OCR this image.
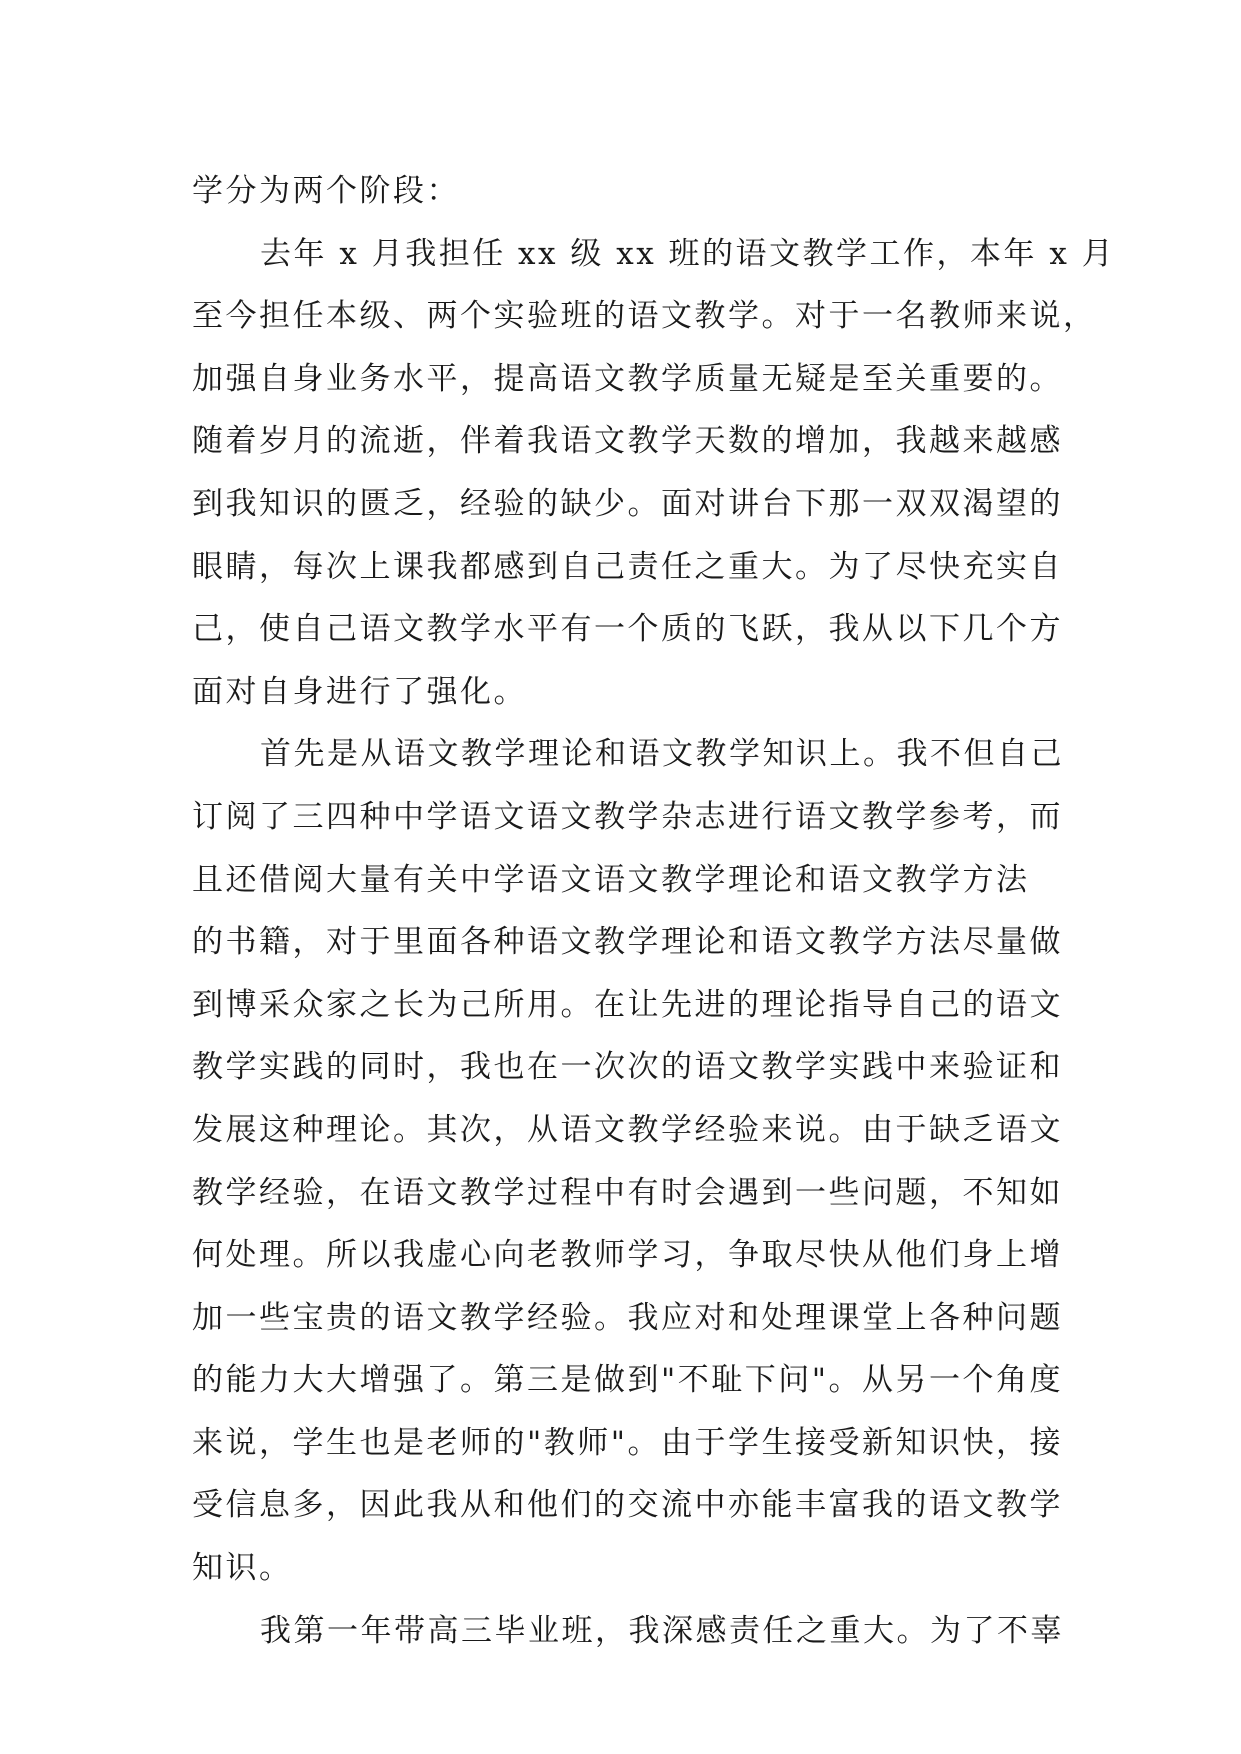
学分为两个阶段：
去年 x 月我担任 xx 级 xx 班的语文教学工作，本年 x 月
至今担任本级、两个实验班的语文教学。对于一名教师来说，
加强自身业务水平，提高语文教学质量无疑是至关重要的。
随着岁月的流逝，伴着我语文教学天数的增加，我越来越感
到我知识的匮乏，经验的缺少。面对讲台下那一双双渴望的
眼睛，每次上课我都感到自己责任之重大。为了尽快充实自
己，使自己语文教学水平有一个质的飞跃，我从以下几个方
面对自身进行了强化。
首先是从语文教学理论和语文教学知识上。我不但自己
订阅了三四种中学语文语文教学杂志进行语文教学参考，而
且还借阅大量有关中学语文语文教学理论和语文教学方法
的书籍，对于里面各种语文教学理论和语文教学方法尽量做
到博采众家之长为己所用。在让先进的理论指导自己的语文
教学实践的同时，我也在一次次的语文教学实践中来验证和
发展这种理论。其次，从语文教学经验来说。由于缺乏语文
教学经验，在语文教学过程中有时会遇到一些问题，不知如
何处理。所以我虚心向老教师学习，争取尽快从他们身上增
加一些宝贵的语文教学经验。我应对和处理课堂上各种问题
的能力大大增强了。第三是做到"不耻下问"。从另一个角度
来说，学生也是老师的"教师"。由于学生接受新知识快，接
受信息多，因此我从和他们的交流中亦能丰富我的语文教学
知识。
我第一年带高三毕业班，我深感责任之重大。为了不辜
